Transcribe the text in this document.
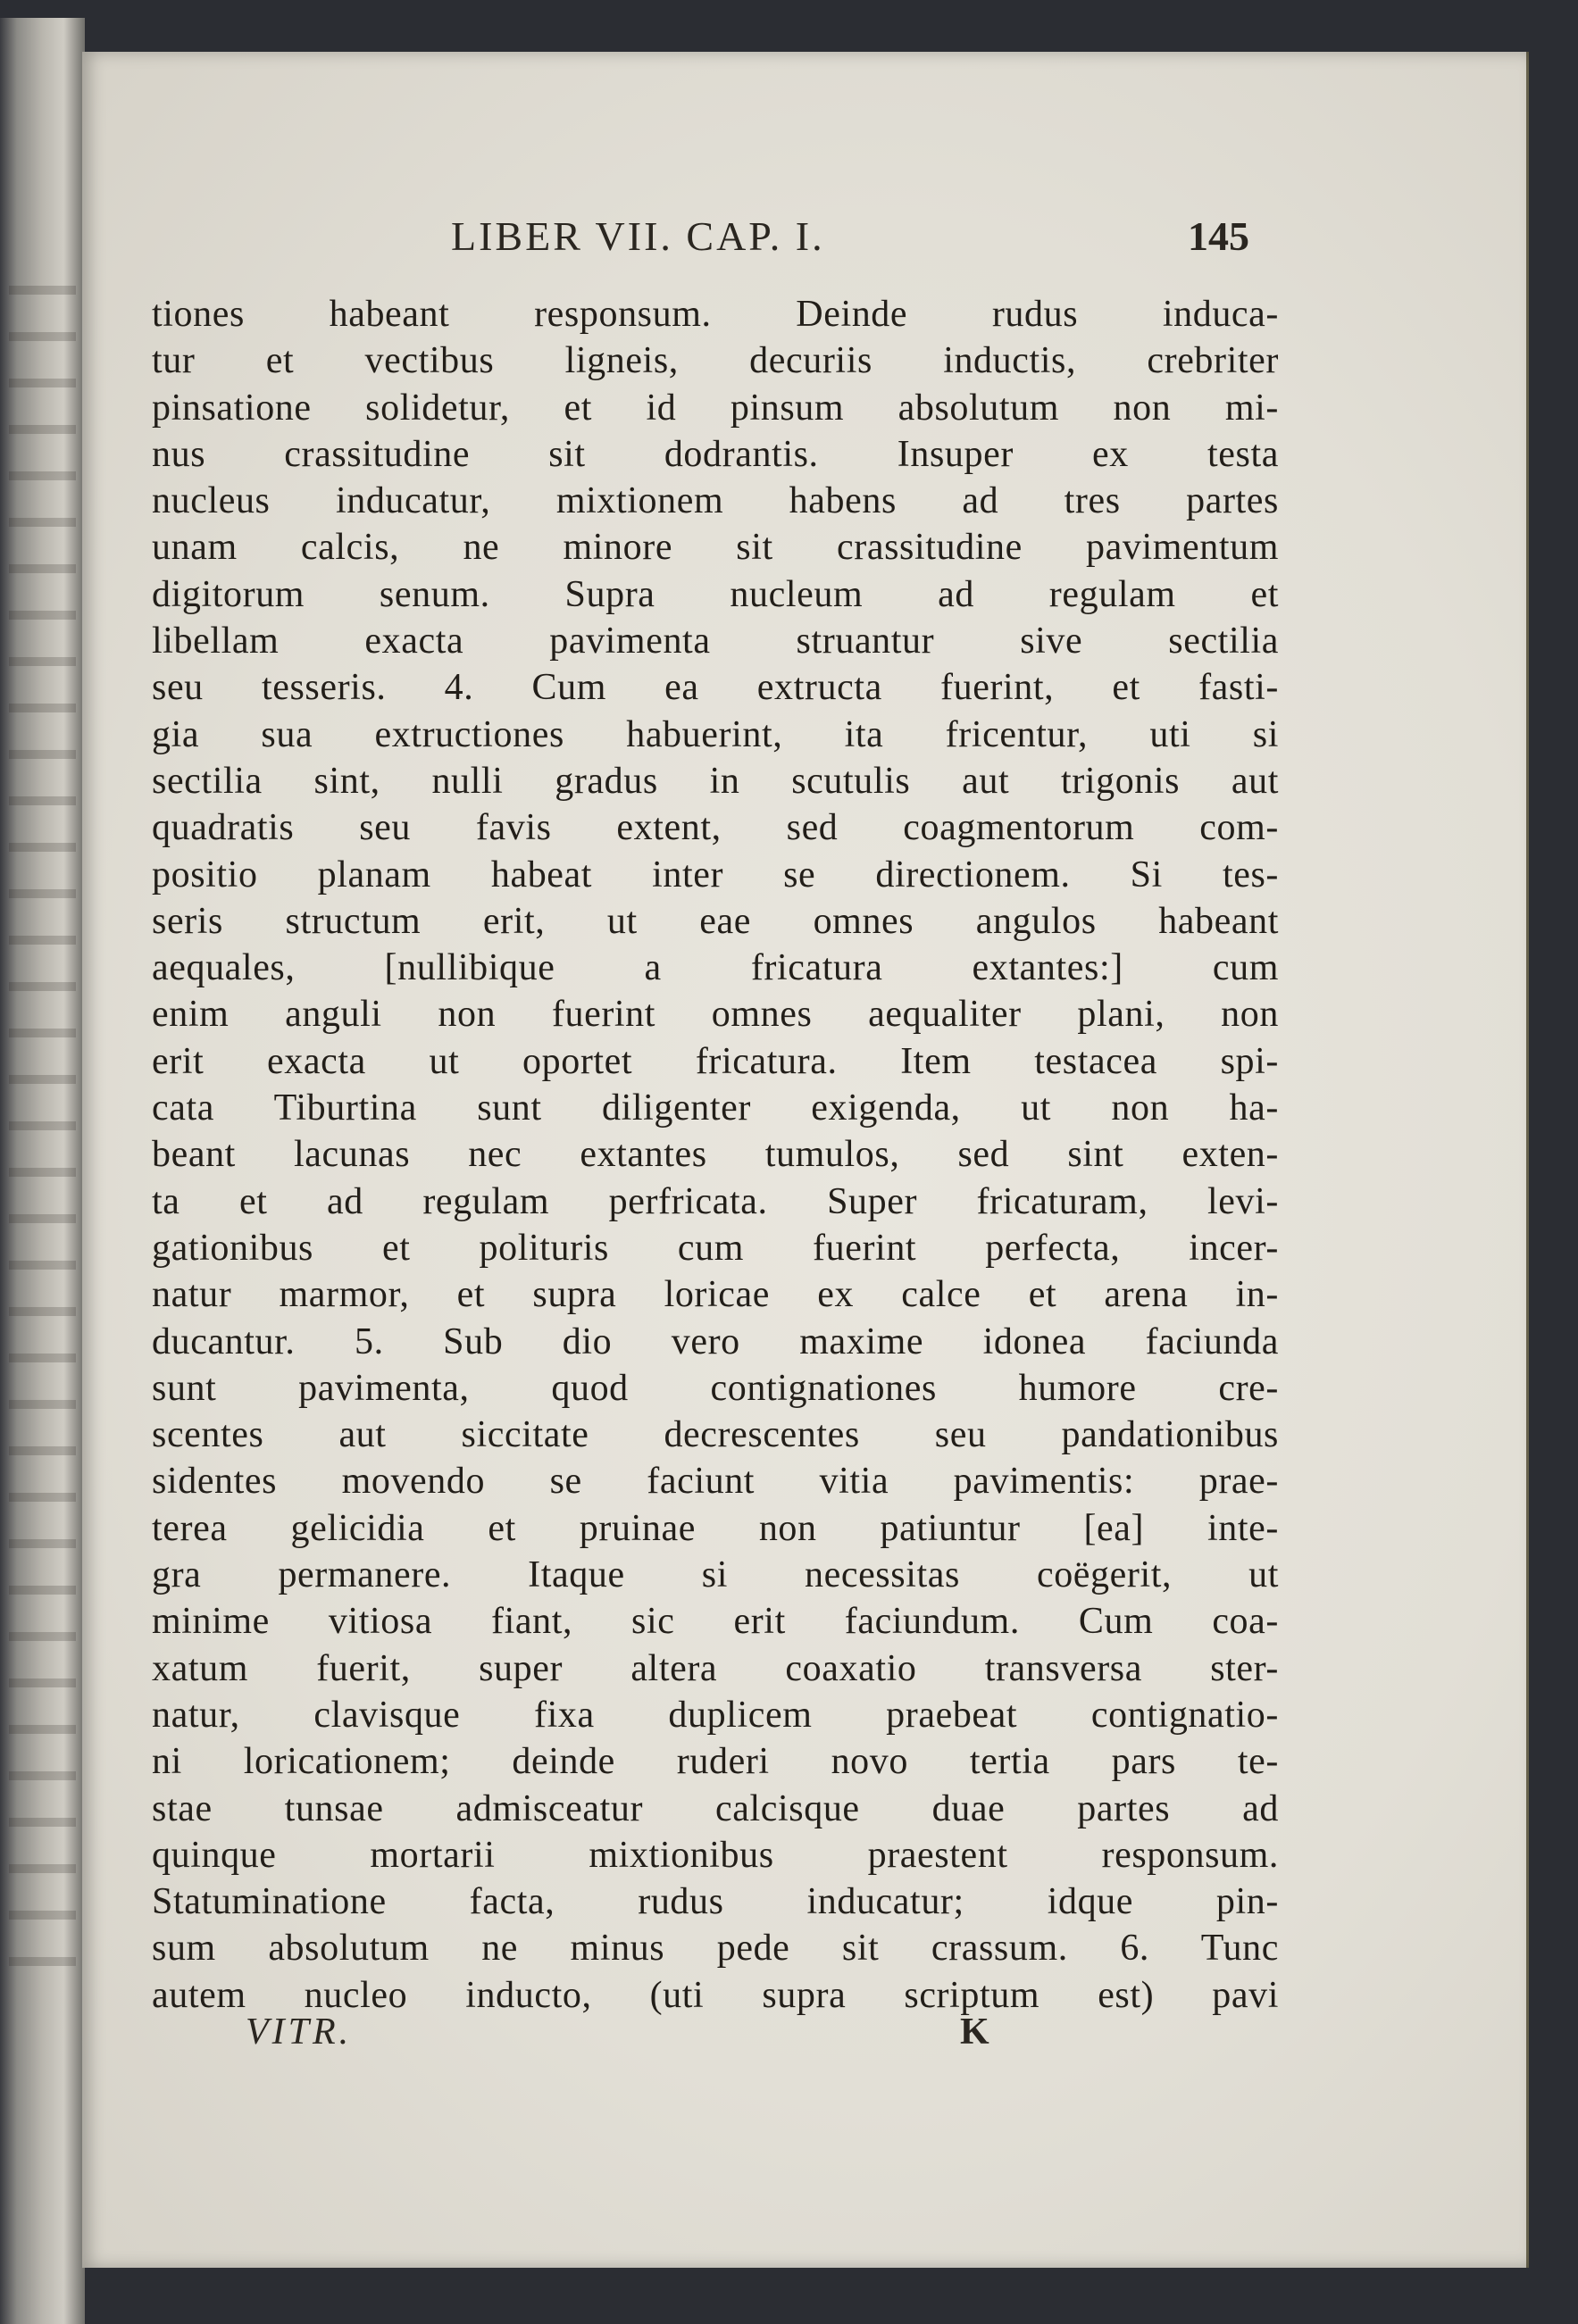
LIBER VII. CAP. I.	145
tiones habeant responsum. Deinde rudus induca-
tur et vectibus ligneis, decuriis inductis, crebriter
pinsatione solidetur, et id pinsum absolutum non mi-
nus crassitudine sit dodrantis. Insuper ex testa
nucleus inducatur, mixtionem habens ad tres partes
unam calcis, ne minore sit crassitudine pavimentum
digitorum senum. Supra nucleum ad regulam et
libellam exacta pavimenta struantur sive sectilia
seu tesseris. 4. Cum ea extructa fuerint, et fasti-
gia sua extructiones habuerint, ita fricentur, uti si
sectilia sint, nulli gradus in scutulis aut trigonis aut
quadratis seu favis extent, sed coagmentorum com-
positio planam habeat inter se directionem. Si tes-
seris structum erit, ut eae omnes angulos habeant
aequales, [nullibique a fricatura extantes:] cum
enim anguli non fuerint omnes aequaliter plani, non
erit exacta ut oportet fricatura. Item testacea spi-
cata Tiburtina sunt diligenter exigenda, ut non ha-
beant lacunas nec extantes tumulos, sed sint exten-
ta et ad regulam perfricata. Super fricaturam, levi-
gationibus et polituris cum fuerint perfecta, incer-
natur marmor, et supra loricae ex calce et arena in-
ducantur. 5. Sub dio vero maxime idonea faciunda
sunt pavimenta, quod contignationes humore cre-
scentes aut siccitate decrescentes seu pandationibus
sidentes movendo se faciunt vitia pavimentis: prae-
terea gelicidia et pruinae non patiuntur [ea] inte-
gra permanere. Itaque si necessitas coëgerit, ut
minime vitiosa fiant, sic erit faciundum. Cum coa-
xatum fuerit, super altera coaxatio transversa ster-
natur, clavisque fixa duplicem praebeat contignatio-
ni loricationem; deinde ruderi novo tertia pars te-
stae tunsae admisceatur calcisque duae partes ad
quinque mortarii mixtionibus praestent responsum.
Statuminatione facta, rudus inducatur; idque pin-
sum absolutum ne minus pede sit crassum. 6. Tunc
autem nucleo inducto, (uti supra scriptum est) pavi
VITR.	K
